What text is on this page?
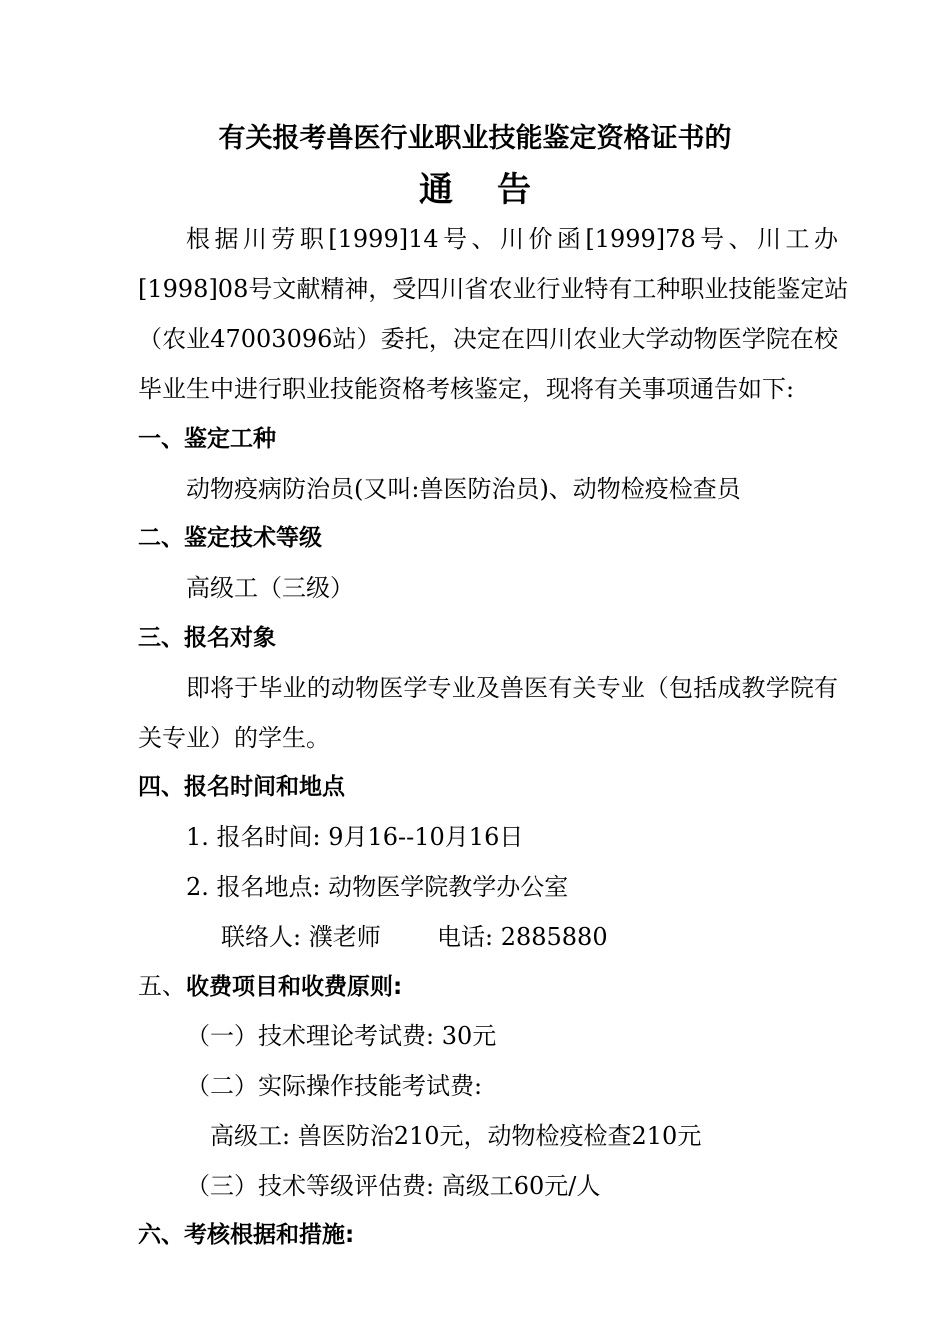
有关报考兽医行业职业技能鉴定资格证书的
通告
根据川劳职[1999]14号、川价函[1999]78号、川工办
[1998]08号文献精神，受四川省农业行业特有工种职业技能鉴定站
（农业47003096站）委托，决定在四川农业大学动物医学院在校
毕业生中进行职业技能资格考核鉴定，现将有关事项通告如下:
一、鉴定工种
动物疫病防治员(又叫:兽医防治员)、动物检疫检查员
二、鉴定技术等级
高级工（三级）
三、报名对象
即将于毕业的动物医学专业及兽医有关专业（包括成教学院有
关专业）的学生。
四、报名时间和地点
1. 报名时间: 9月16--10月16日
2. 报名地点: 动物医学院教学办公室
联络人: 濮老师 电话: 2885880
五、收费项目和收费原则:
（一）技术理论考试费: 30元
（二）实际操作技能考试费:
高级工: 兽医防治210元，动物检疫检查210元
（三）技术等级评估费: 高级工60元/人
六、考核根据和措施:
